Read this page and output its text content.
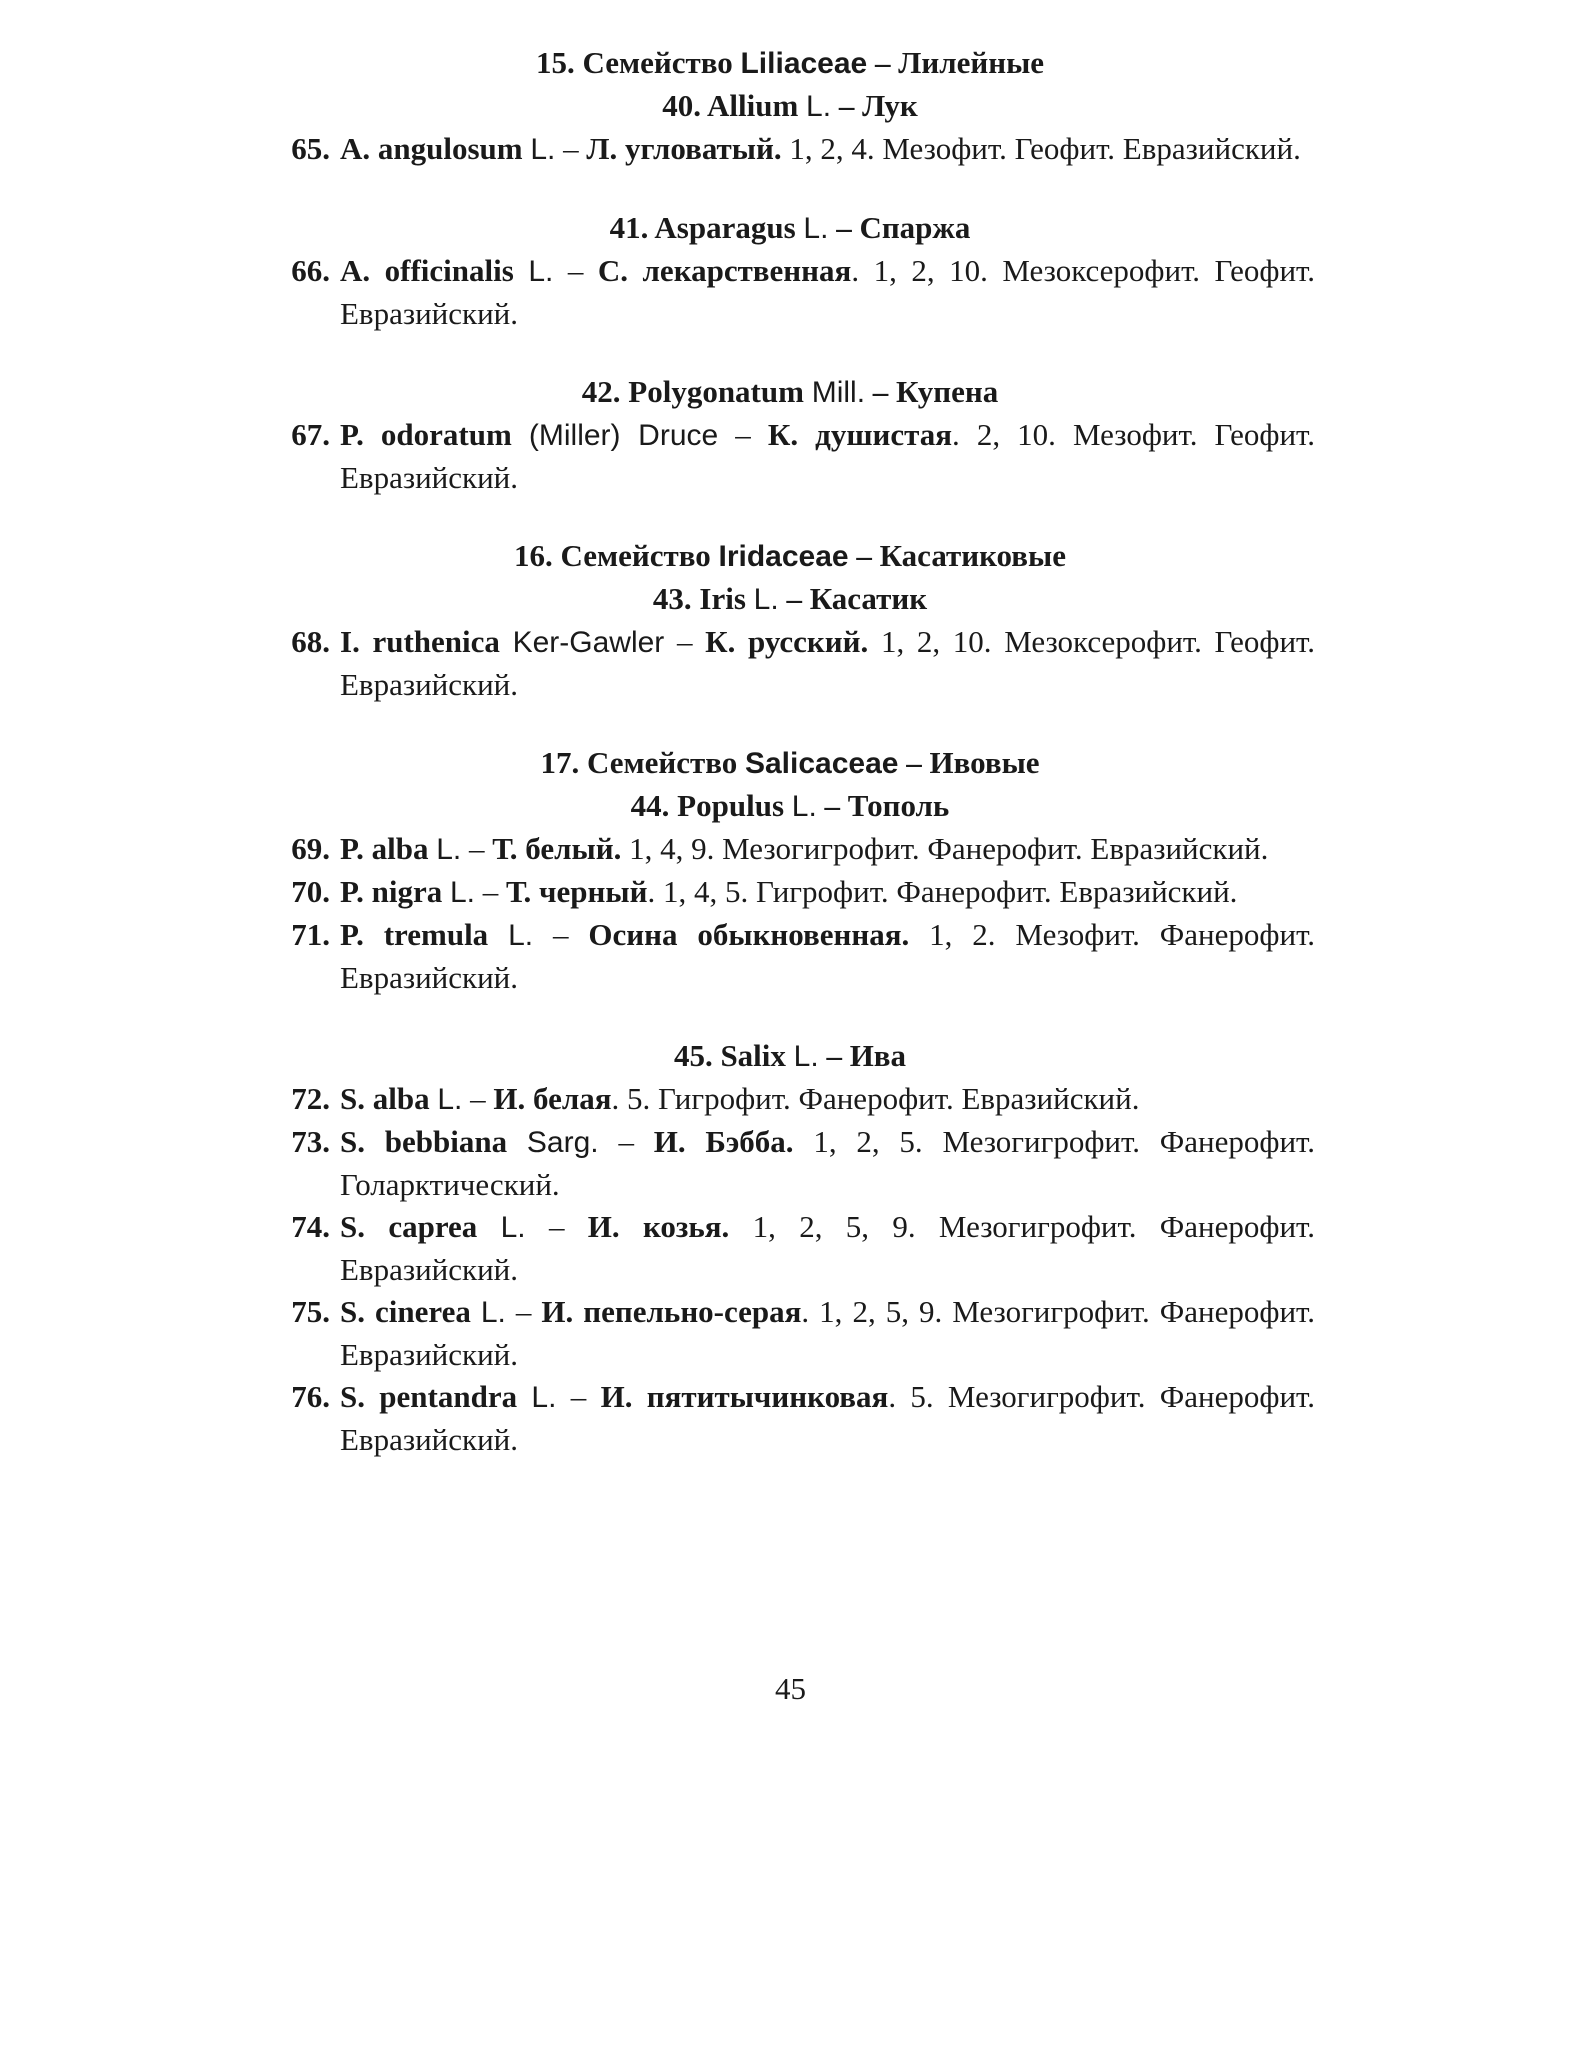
15. Семейство Liliaceae – Лилейные

40. Allium L. – Лук

65. A. angulosum L. – Л. угловатый. 1, 2, 4. Мезофит. Геофит. Евразийский.

41. Asparagus L. – Спаржа

66. A. officinalis L. – С. лекарственная. 1, 2, 10. Мезоксерофит. Геофит. Евразийский.

42. Polygonatum Mill. – Купена

67. P. odoratum (Miller) Druce – К. душистая. 2, 10. Мезофит. Геофит. Евразийский.

16. Семейство Iridaceae – Касатиковые

43. Iris L. – Касатик

68. I. ruthenica Ker-Gawler – К. русский. 1, 2, 10. Мезоксерофит. Геофит. Евразийский.

17. Семейство Salicaceae – Ивовые

44. Populus L. – Тополь

69. P. alba L. – Т. белый. 1, 4, 9. Мезогигрофит. Фанерофит. Евразийский.

70. P. nigra L. – Т. черный. 1, 4, 5. Гигрофит. Фанерофит. Евразийский.

71. P. tremula L. – Осина обыкновенная. 1, 2. Мезофит. Фанерофит. Евразийский.

45. Salix L. – Ива

72. S. alba L. – И. белая. 5. Гигрофит. Фанерофит. Евразийский.

73. S. bebbiana Sarg. – И. Бэбба. 1, 2, 5. Мезогигрофит. Фанерофит. Голарктический.

74. S. caprea L. – И. козья. 1, 2, 5, 9. Мезогигрофит. Фанерофит. Евразийский.

75. S. cinerea L. – И. пепельно-серая. 1, 2, 5, 9. Мезогигрофит. Фанерофит. Евразийский.

76. S. pentandra L. – И. пятитычинковая. 5. Мезогигрофит. Фанерофит. Евразийский.

45
